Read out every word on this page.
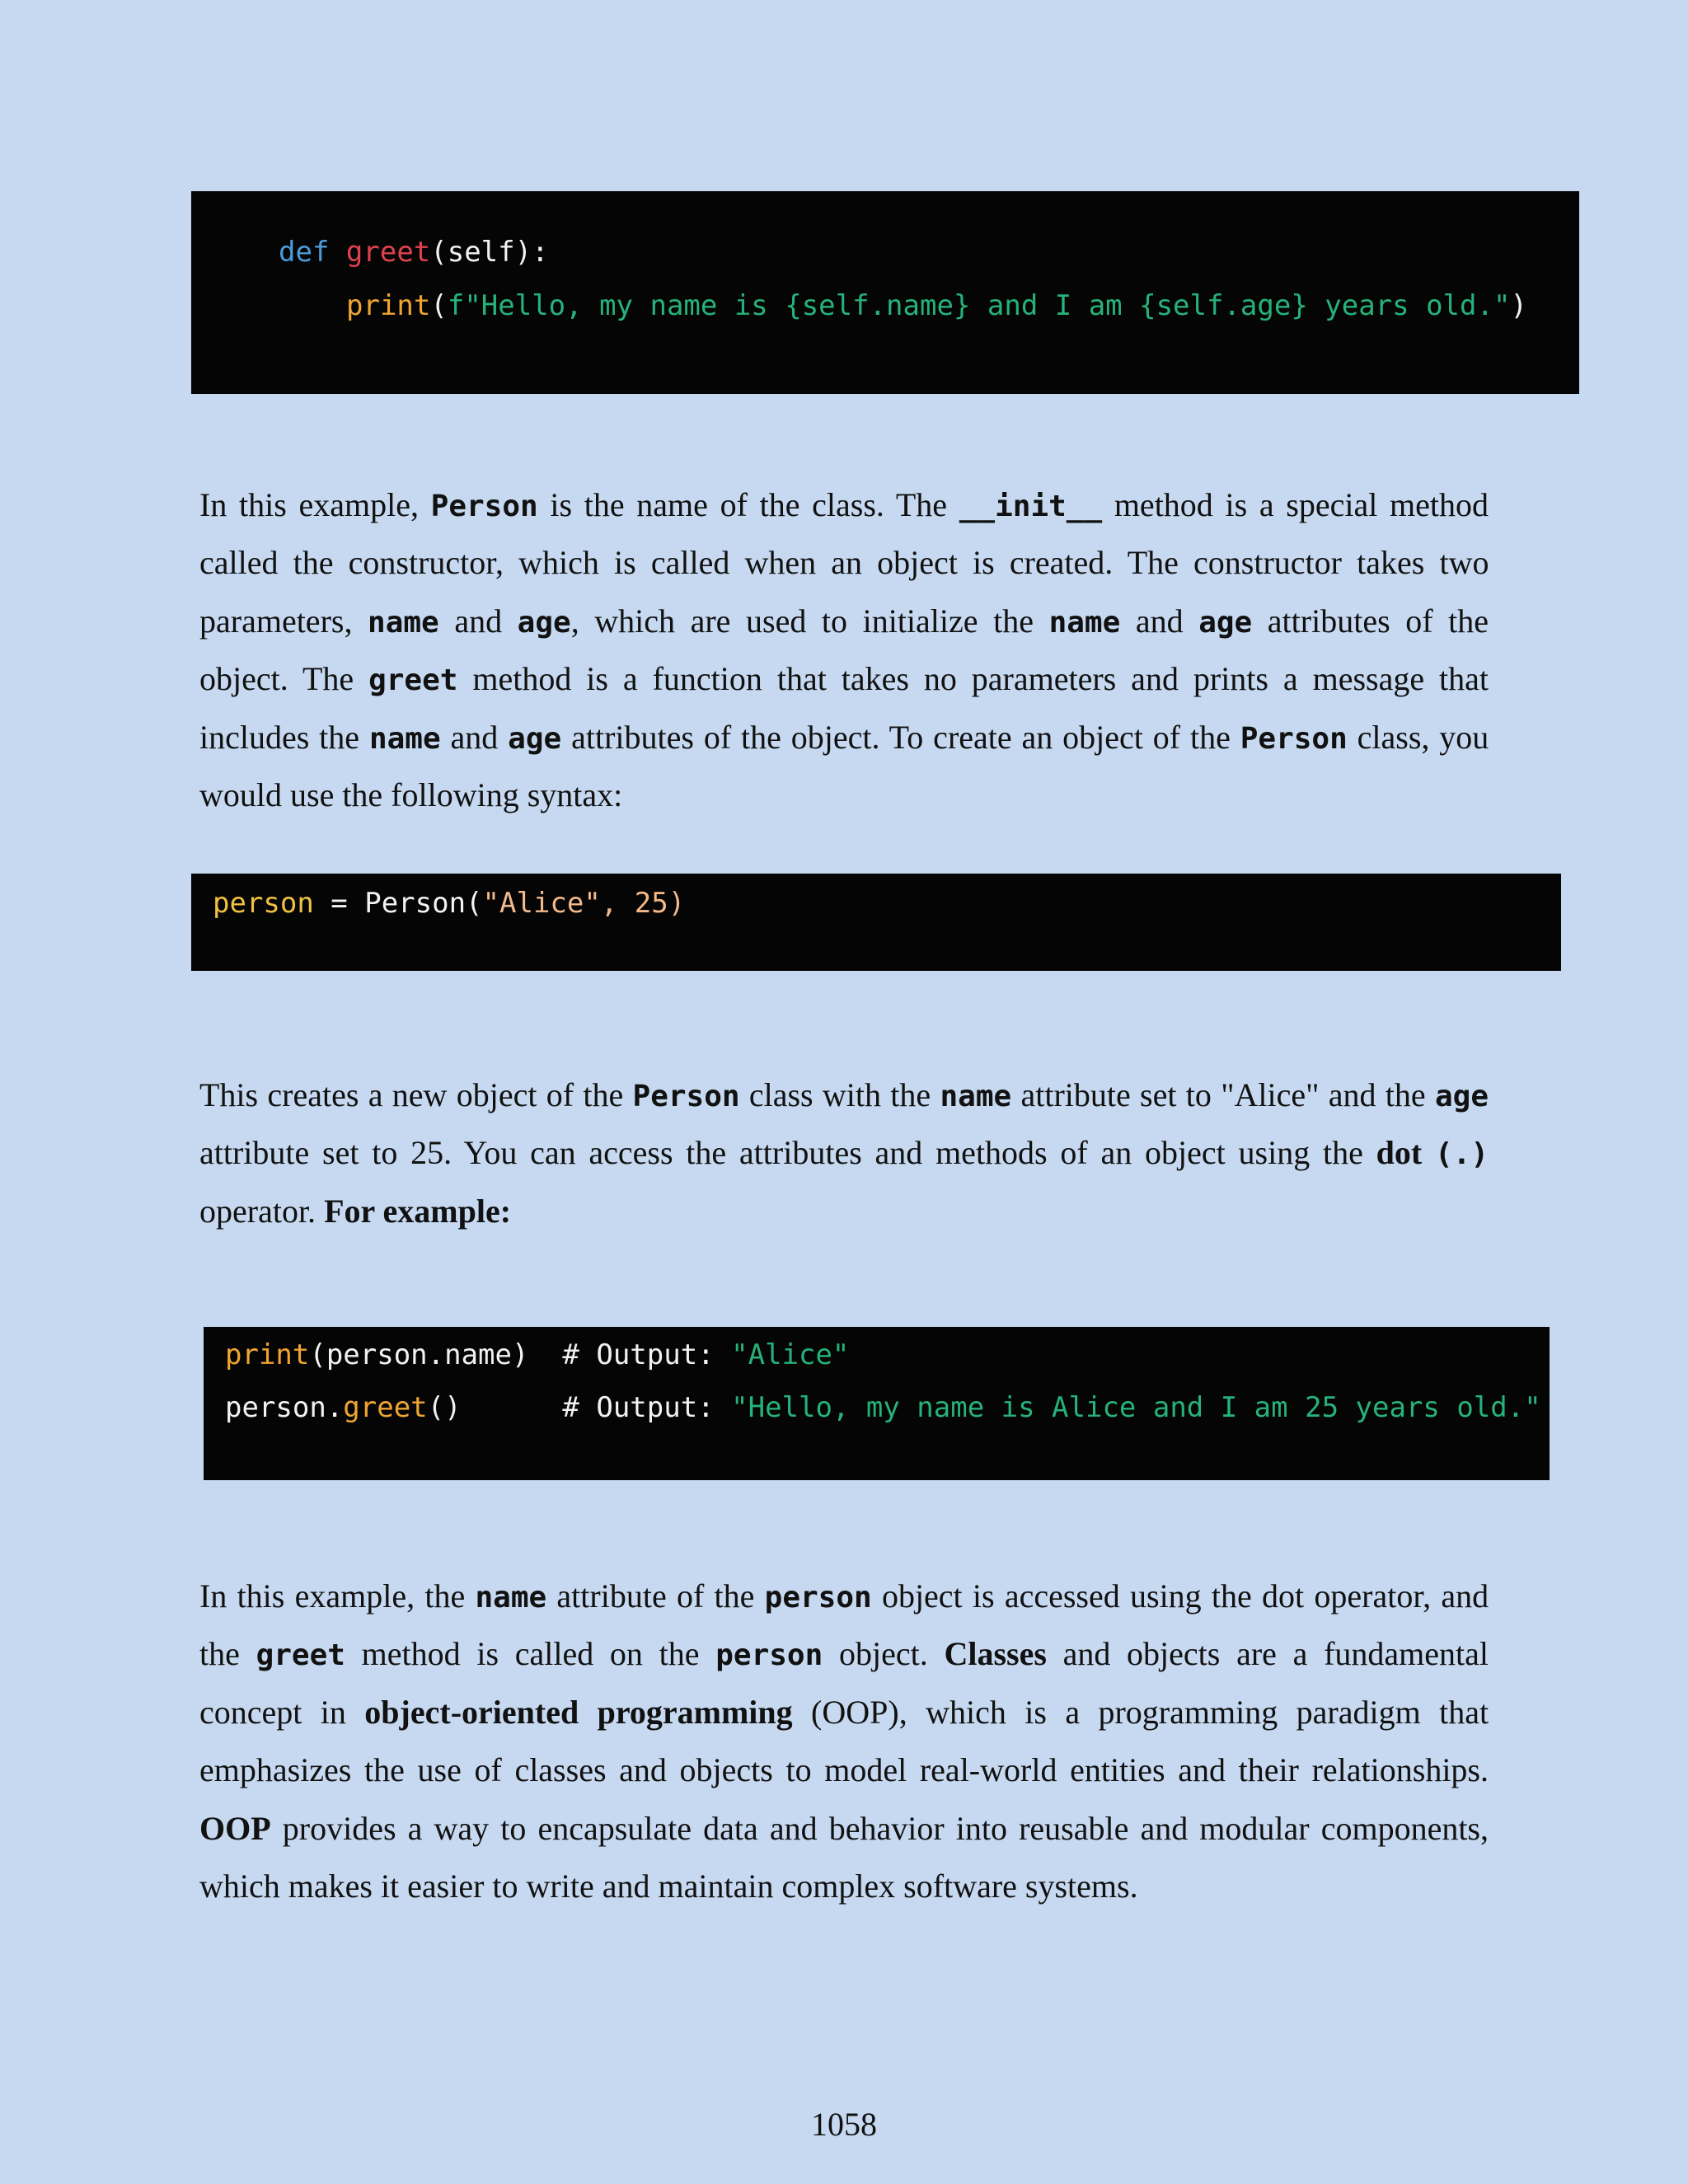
def greet(self):
print(f"Hello, my name is {self.name} and I am {self.age} years old.")
In this example, Person is the name of the class. The __init__ method is a special method
called the constructor, which is called when an object is created. The constructor takes two
parameters, name and age, which are used to initialize the name and age attributes of the
object. The greet method is a function that takes no parameters and prints a message that
includes the name and age attributes of the object. To create an object of the Person class, you
would use the following syntax:
person = Person("Alice", 25)
This creates a new object of the Person class with the name attribute set to "Alice" and the age
attribute set to 25. You can access the attributes and methods of an object using the dot (.)
operator. For example:
print(person.name)  # Output: "Alice"
person.greet()      # Output: "Hello, my name is Alice and I am 25 years old."
In this example, the name attribute of the person object is accessed using the dot operator, and
the greet method is called on the person object. Classes and objects are a fundamental
concept in object-oriented programming (OOP), which is a programming paradigm that
emphasizes the use of classes and objects to model real-world entities and their relationships.
OOP provides a way to encapsulate data and behavior into reusable and modular components,
which makes it easier to write and maintain complex software systems.
1058
